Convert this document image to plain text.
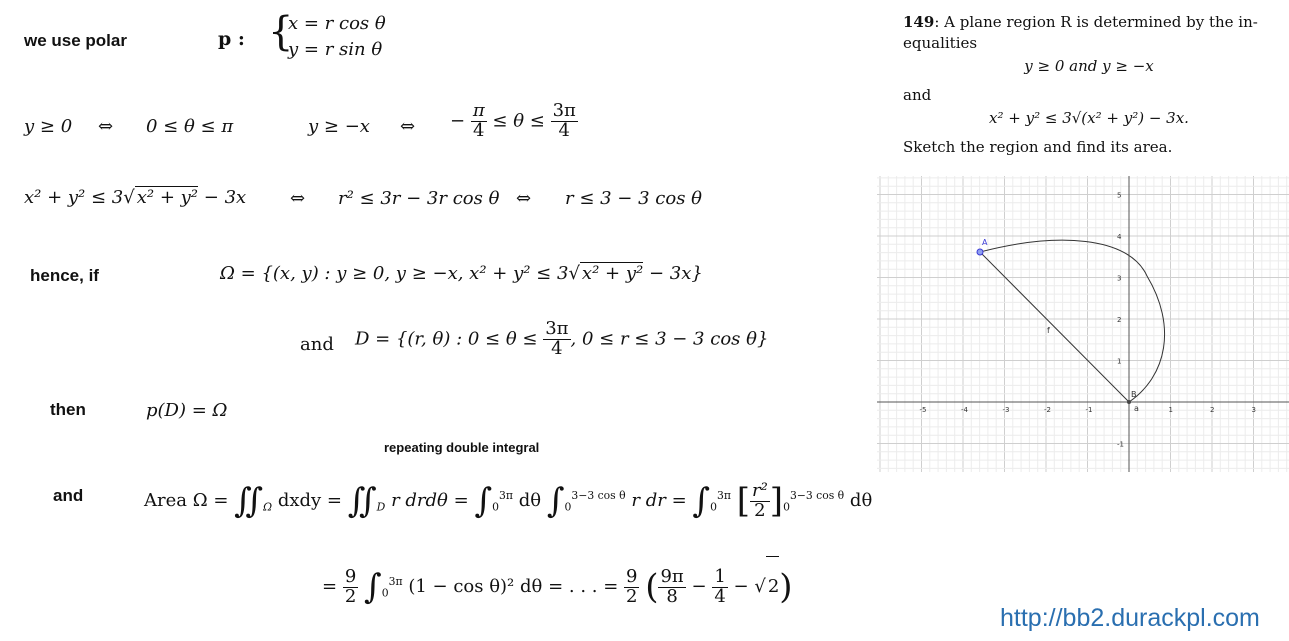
we use polar	p : {
x = r cos θ
y = r sin θ
y ≥ 0 ⇔ 0 ≤ θ ≤ π	y ≥ −x ⇔ − $\frac{\pi}{4} \le \theta \le \frac{3\pi}{4}$
x² + y² ≤ 3√ x² + y² − 3x ⇔ r² ≤ 3r − 3r cos θ ⇔ r ≤ 3 − 3 cos θ
hence, if	Ω = {(x, y) : y ≥ 0, y ≥ −x, x² + y² ≤ 3√ x² + y² − 3x}
and D = {(r, θ) : $0 \le \theta \le \frac{3\pi}{4}$ , 0 ≤ r ≤ 3 − 3 cos θ}
then	p(D) = Ω
repeating double integral
and	Area $\Omega = ∬_\Omega$ dxdy = $∬_D$ r $drd\theta = \int_0^{3\pi}$ dθ $\int_0^{3-3 cos \theta}$ r dr = $\int_0^{3\pi}$ [ $\frac{\text{r²}}{2} ]_0^{3-3 cos \theta}$ dθ
= $\frac{9}{2} \int_0^{3\pi}$ (1 − cos θ)² dθ = . . . = $\frac{9}{2}$ ( $\frac{9\pi}{8} - \frac{1}{4}$ − √ 2)

149: A plane region R is determined by the in-

equalities

y ≥ 0 and y ≥ −x

and

x² + y² ≤ 3√(x² + y²) − 3x.

Sketch the region and find its area.

-5	-4	-3	-2	-1	1	2	3
5
4
3
2
1
-1
A
B
f
a
http://bb2.durackpl.com
